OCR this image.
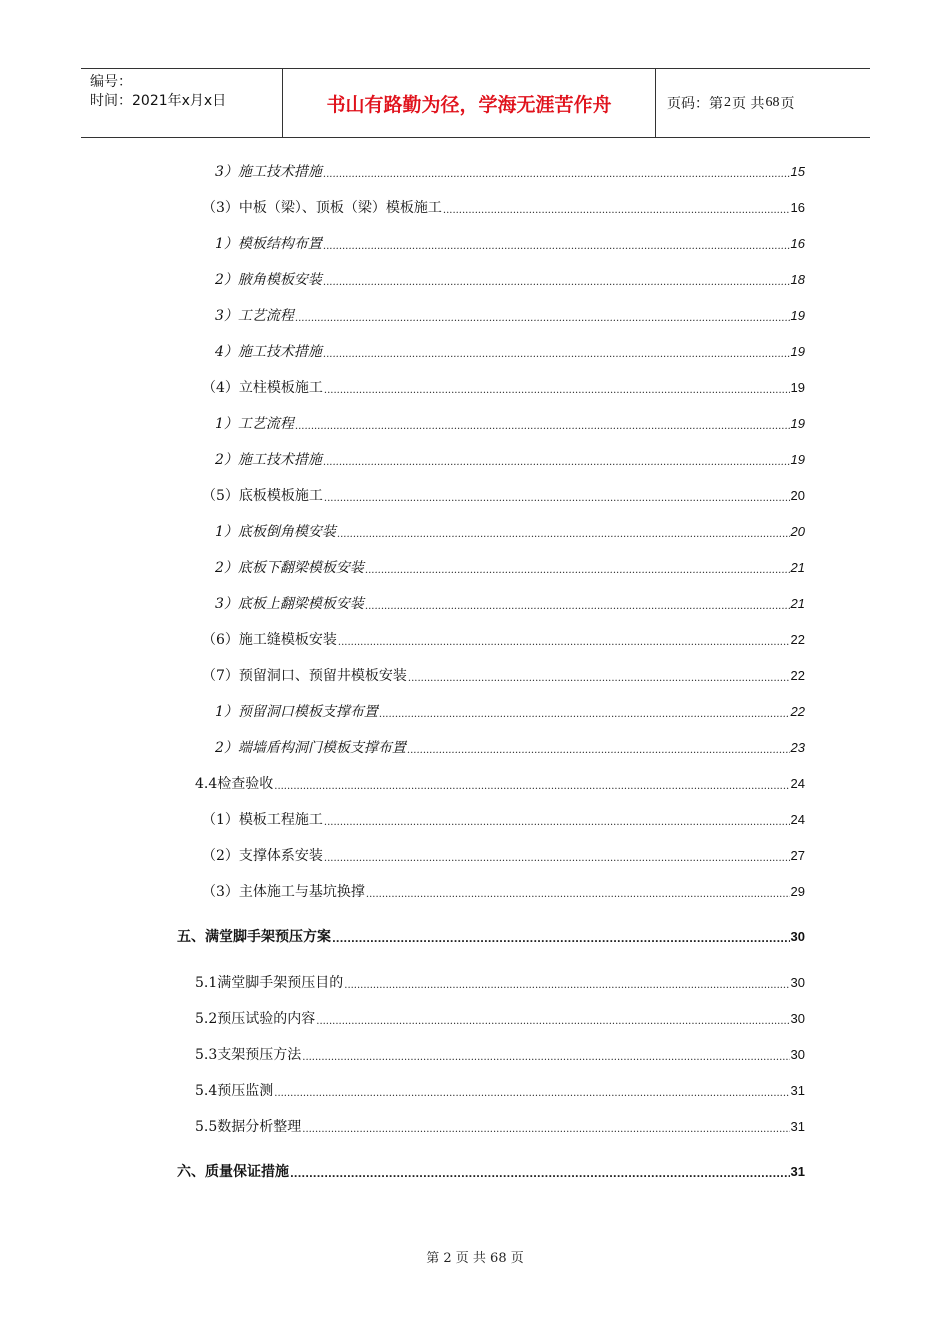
编号：
时间：2021年x月x日	书山有路勤为径，学海无涯苦作舟	页码：第 2 页 共 68 页
3）施工技术措施 .....	15
（3）中板（梁）、顶板（梁）模板施工 .....	16
1）模板结构布置 .....	16
2）腋角模板安装 .....	18
3）工艺流程 .....	19
4）施工技术措施 .....	19
（4）立柱模板施工 .....	19
1）工艺流程 .....	19
2）施工技术措施 .....	19
（5）底板模板施工 .....	20
1）底板倒角模安装 .....	20
2）底板下翻梁模板安装 .....	21
3）底板上翻梁模板安装 .....	21
（6）施工缝模板安装 .....	22
（7）预留洞口、预留井模板安装 .....	22
1）预留洞口模板支撑布置 .....	22
2）端墙盾构洞门模板支撑布置 .....	23
4.4检查验收 .....	24
（1）模板工程施工 .....	24
（2）支撑体系安装 .....	27
（3）主体施工与基坑换撑 .....	29
五、满堂脚手架预压方案 .....	30
5.1满堂脚手架预压目的 .....	30
5.2预压试验的内容 .....	30
5.3支架预压方法 .....	30
5.4预压监测 .....	31
5.5数据分析整理 .....	31
六、质量保证措施 .....	31
第 2 页 共 68 页
